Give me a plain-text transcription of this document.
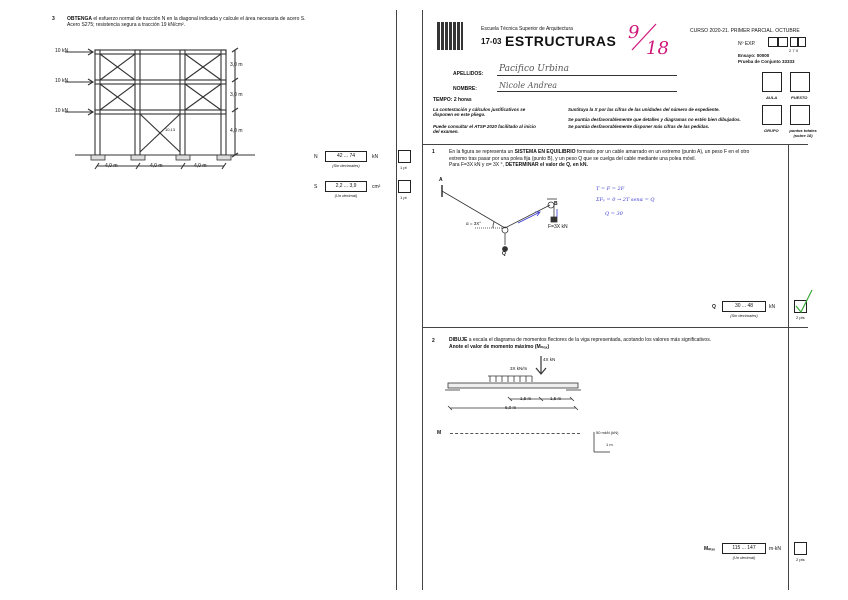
3 OBTENGA el esfuerzo normal de tracción N en la diagonal indicada y calcule el área necesaria de acero S.
Acero S275; resistencia segura a tracción 19 kN/cm².
10 kN
10 kN
10 kN
3,0 m
3,0 m
4,0 m
4,0 m	4,0 m	4,0 m
10,13
N	42 ... 74	kN
(Sin decimales)	1 pt
S	2,2 ... 3,9	cm²
(Un decimal)	1 pt
Escuela Técnica Superior de Arquitectura
17-03 ESTRUCTURAS 9
18
CURSO 2020-21. PRIMER PARCIAL. OCTUBRE
Nº EXP.
2 7 X
Ensayo: 00000
Prueba de Conjunto 33333
APELLIDOS: Pacifico Urbina
NOMBRE:	Nicole Andrea
TEMPO: 2 horas	AULA	PUESTO
GRUPO	puntos totales (sobre 18)
La contestación y cálculos justificativos se disponen en este pliego.
Puede consultar el ATSP 2020 facilitado al inicio del examen.
Sustituya la X por las cifras de las unidades del número de expediente.
Se puntúa desfavorablemente que detalles y diagramas no estén bien dibujados.
Se puntúa desfavorablemente disponer más cifras de las pedidas.
1	En la figura se representa un SISTEMA EN EQUILIBRIO formado por un cable amarrado en un extremo (punto A), un peso F en el otro
extremo tras pasar por una polea fija (punto B), y un peso Q que se cuelga del cable mediante una polea móvil.
Para F=3X kN y α= 3X °, DETERMINAR el valor de Q, en kN.
A
B
Q
α = 3X°
F=3X kN
T = F = 2F
ΣFᵧ = 0 → 2T senα = Q
Q = 30
Q	30 ... 48	kN
(Sin decimales)	2 pts
2	DIBUJE a escala el diagrama de momentos flectores de la viga representada, acotando los valores más significativos.
Anote el valor de momento máximo (Mₘₐₓ)
4X kN
3X kN/m
1,5 m	1,5 m
6,0 m
M	50 mkN (kN)
1 m
Mₘₐₓ	115 ... 147	m·kN
(Un decimal)	2 pts
